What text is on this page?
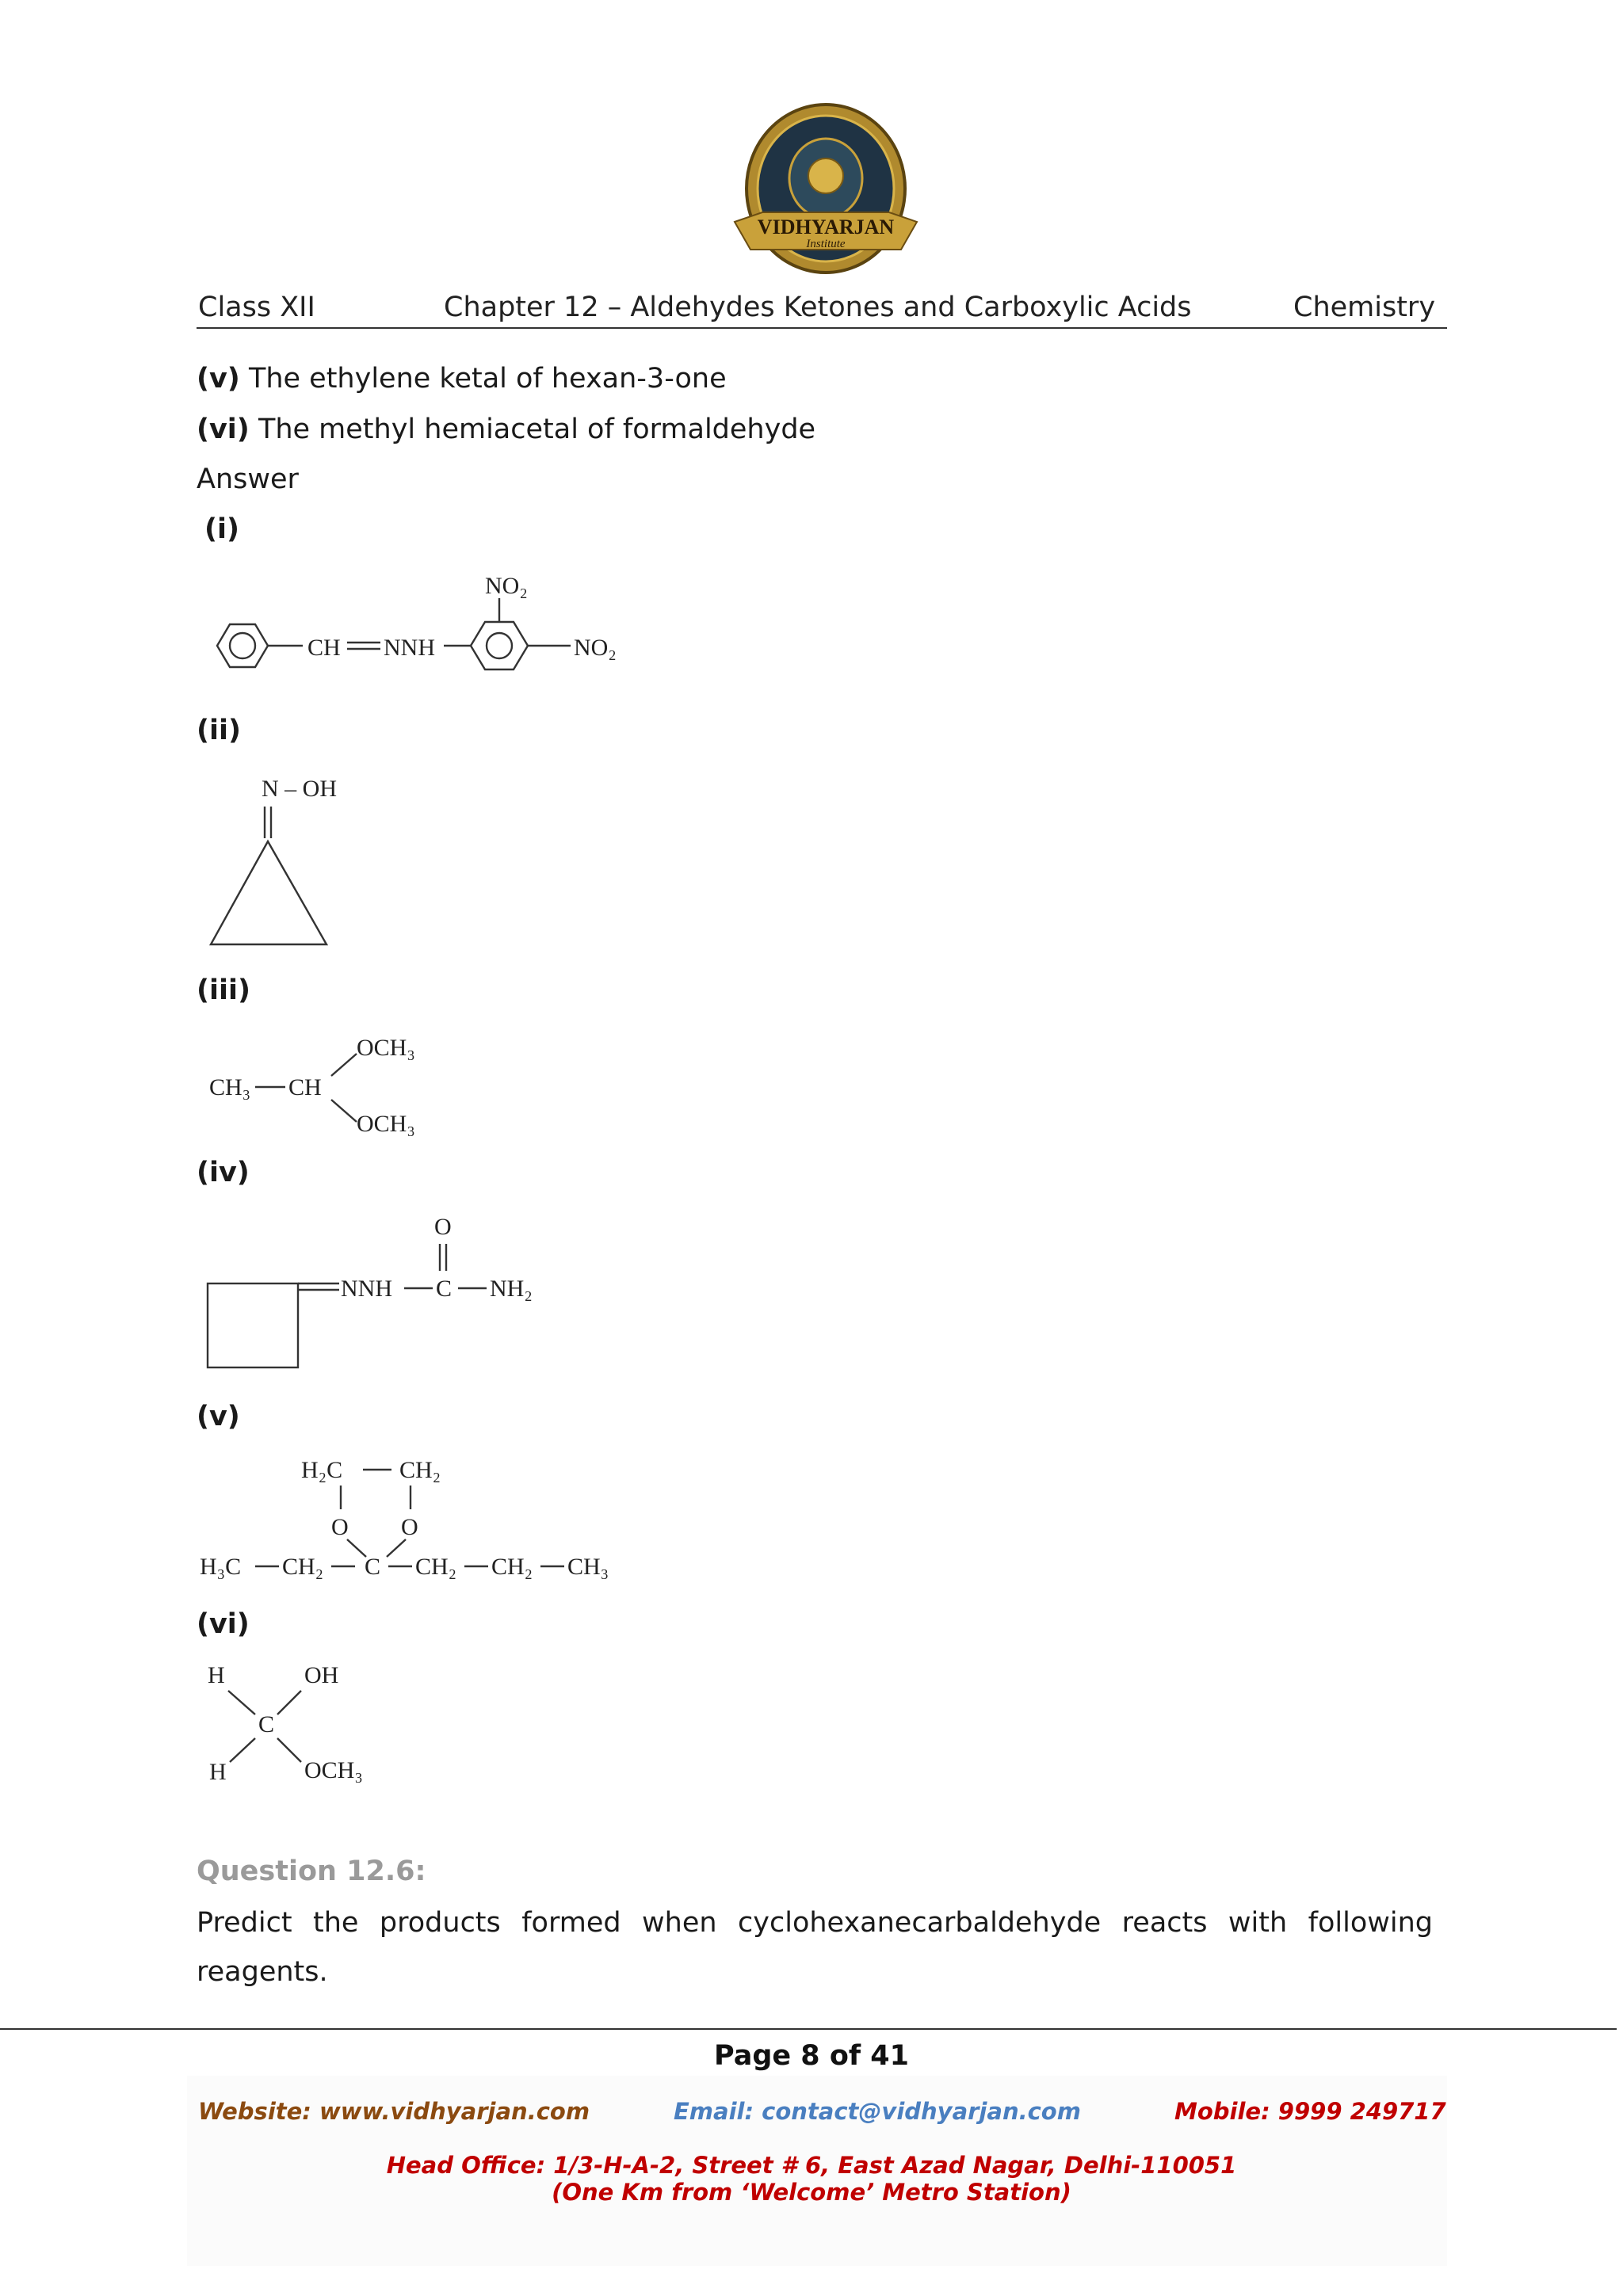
VIDHYARJAN
Institute
Class XII	Chapter 12 – Aldehydes Ketones and Carboxylic Acids	Chemistry
(v) The ethylene ketal of hexan-3-one
(vi) The methyl hemiacetal of formaldehyde
Answer
(i)
CH NNH
NO₂
NO₂
(ii)
N – OH
(iii)
OCH₃
CH₃ CH
OCH₃
(iv)
NNH C
O
NH₂
(v)
H₂C CH₂
O O
H₃C CH₂ C CH₂ CH₂ CH₃
(vi)
H	OH
C
H	OCH₃
Question 12.6:
Predict the products formed when cyclohexanecarbaldehyde reacts with following reagents.
Page 8 of 41
Website: www.vidhyarjan.com	Email: contact@vidhyarjan.com	Mobile: 9999 249717
Head Office: 1/3-H-A-2, Street # 6, East Azad Nagar, Delhi-110051
(One Km from ‘Welcome’ Metro Station)
